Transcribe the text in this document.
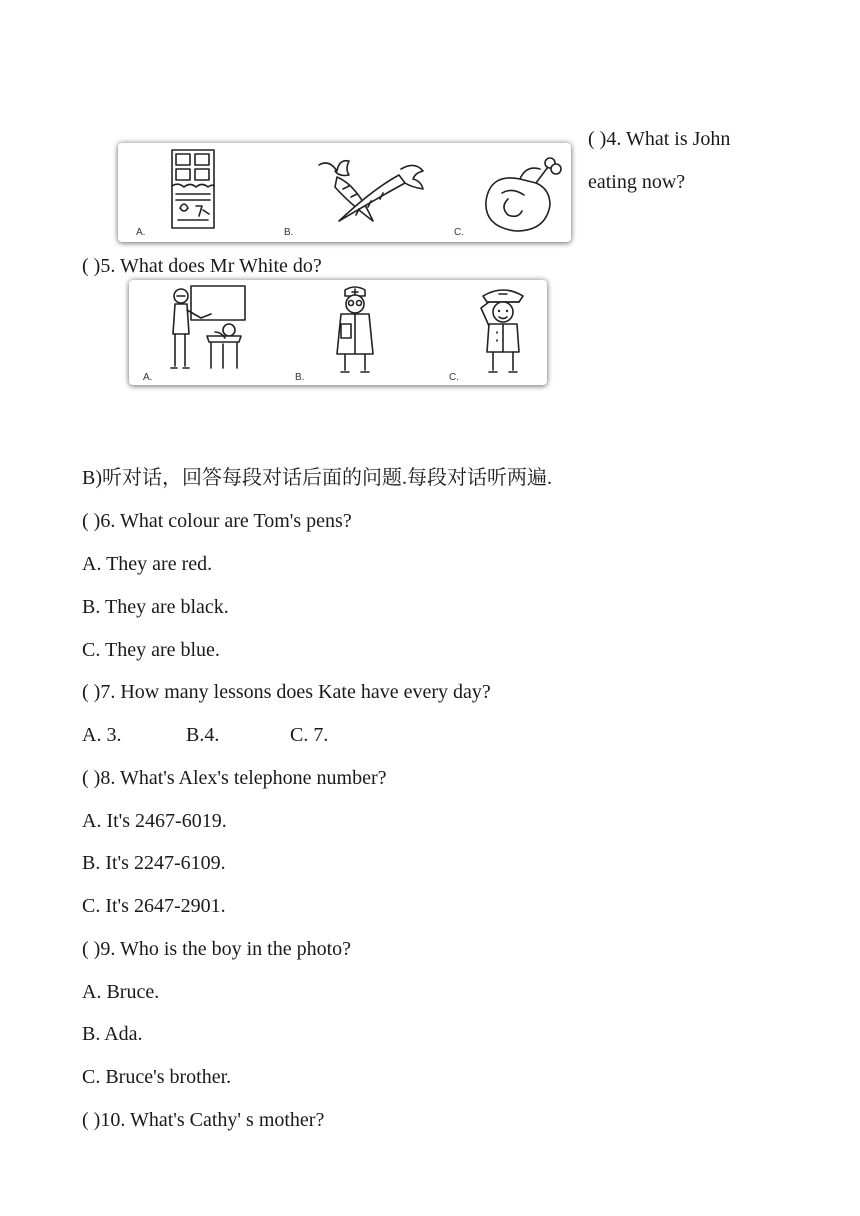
( )4. What is John
eating now?
A.	B.	C.
( )5. What does Mr White do?
A.	B.	C.
B)听对话，回答每段对话后面的问题.每段对话听两遍.
( )6. What colour are Tom's pens?
A. They are red.
B. They are black.
C. They are blue.
( )7. How many lessons does Kate have every day?
A. 3.	B.4.	C. 7.
( )8. What's Alex's telephone number?
A. It's 2467-6019.
B. It's 2247-6109.
C. It's 2647-2901.
( )9. Who is the boy in the photo?
A. Bruce.
B. Ada.
C. Bruce's brother.
( )10. What's Cathy' s mother?
